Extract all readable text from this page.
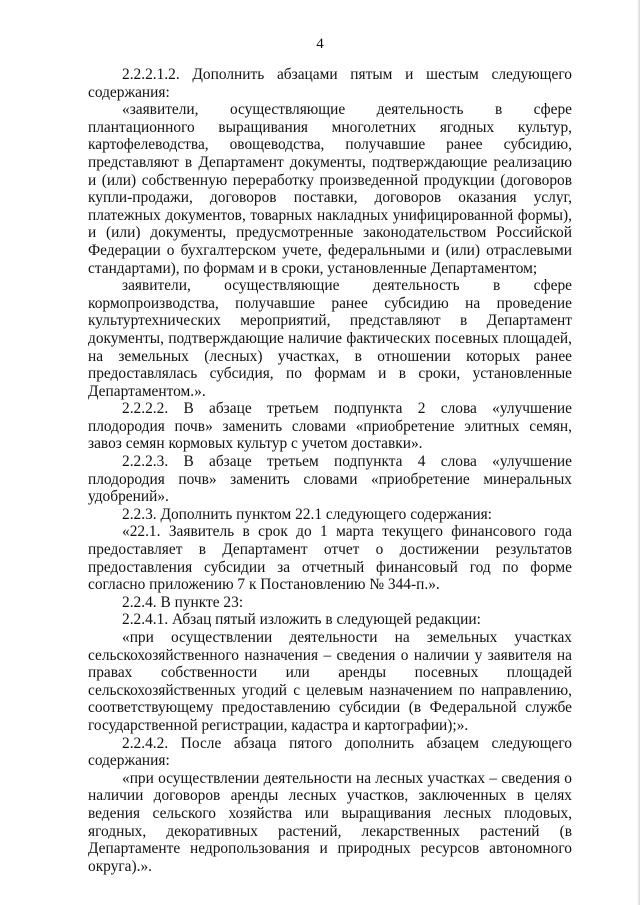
4

2.2.2.1.2. Дополнить абзацами пятым и шестым следующего содержания:

«заявители, осуществляющие деятельность в сфере плантационного выращивания многолетних ягодных культур, картофелеводства, овощеводства, получавшие ранее субсидию, представляют в Департамент документы, подтверждающие реализацию и (или) собственную переработку произведенной продукции (договоров купли-продажи, договоров поставки, договоров оказания услуг, платежных документов, товарных накладных унифицированной формы), и (или) документы, предусмотренные законодательством Российской Федерации о бухгалтерском учете, федеральными и (или) отраслевыми стандартами), по формам и в сроки, установленные Департаментом;

заявители, осуществляющие деятельность в сфере кормопроизводства, получавшие ранее субсидию на проведение культуртехнических мероприятий, представляют в Департамент документы, подтверждающие наличие фактических посевных площадей, на земельных (лесных) участках, в отношении которых ранее предоставлялась субсидия, по формам и в сроки, установленные Департаментом.».

2.2.2.2. В абзаце третьем подпункта 2 слова «улучшение плодородия почв» заменить словами «приобретение элитных семян, завоз семян кормовых культур с учетом доставки».

2.2.2.3. В абзаце третьем подпункта 4 слова «улучшение плодородия почв» заменить словами «приобретение минеральных удобрений».

2.2.3. Дополнить пунктом 22.1 следующего содержания:

«22.1. Заявитель в срок до 1 марта текущего финансового года предоставляет в Департамент отчет о достижении результатов предоставления субсидии за отчетный финансовый год по форме согласно приложению 7 к Постановлению № 344-п.».

2.2.4. В пункте 23:

2.2.4.1. Абзац пятый изложить в следующей редакции:

«при осуществлении деятельности на земельных участках сельскохозяйственного назначения – сведения о наличии у заявителя на правах собственности или аренды посевных площадей сельскохозяйственных угодий с целевым назначением по направлению, соответствующему предоставлению субсидии (в Федеральной службе государственной регистрации, кадастра и картографии);».

2.2.4.2. После абзаца пятого дополнить абзацем следующего содержания:

«при осуществлении деятельности на лесных участках – сведения о наличии договоров аренды лесных участков, заключенных в целях ведения сельского хозяйства или выращивания лесных плодовых, ягодных, декоративных растений, лекарственных растений (в Департаменте недропользования и природных ресурсов автономного округа).».
